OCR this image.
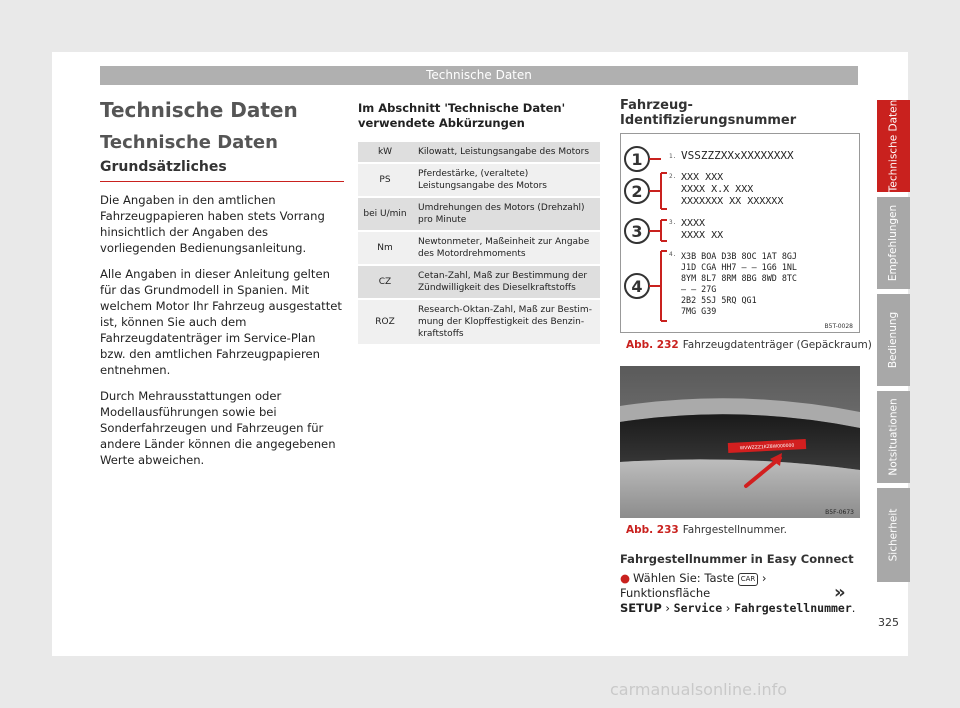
Technische Daten
Technische Daten
Technische Daten
Grundsätzliches

Die Angaben in den amtlichen Fahrzeugpapieren haben stets Vorrang hinsichtlich der Angaben des vorliegenden Bedienungsanleitung.

Alle Angaben in dieser Anleitung gelten für das Grundmodell in Spanien. Mit welchem Motor Ihr Fahrzeug ausgestattet ist, können Sie auch dem Fahrzeugdatenträger im Service-Plan bzw. den amtlichen Fahrzeugpapieren entnehmen.

Durch Mehrausstattungen oder Modellausführungen sowie bei Sonderfahrzeugen und Fahrzeugen für andere Länder können die angegebenen Werte abweichen.

Im Abschnitt 'Technische Daten' verwendete Abkürzungen
kW	Kilowatt, Leistungsangabe des Motors
PS	Pferdestärke, (veraltete) Leistungsangabe des Motors
bei U/min	Umdrehungen des Motors (Drehzahl) pro Minute
Nm	Newtonmeter, Maßeinheit zur Angabe des Motordrehmoments
CZ	Cetan-Zahl, Maß zur Bestimmung der Zündwilligkeit des Dieselkraftstoffs
ROZ	Research-Oktan-Zahl, Maß zur Bestimmung der Klopffestigkeit des Benzinkraftstoffs
Fahrzeug-Identifizierungsnummer
1
2
3
4
1.
2.
3.
4.
VSSZZZXXxXXXXXXXX
XXX XXX
XXXX X.X XXX
XXXXXXX XX XXXXXX
XXXX
XXXX XX
X3B BOA D3B 8OC 1AT 8GJ
J1D CGA HH7 – – 1G6 1NL
8YM 8L7 8RM 8BG 8WD 8TC
– – 27G
2B2 5SJ 5RQ QG1
7MG G39
B5T-0028
Abb. 232 Fahrzeugdatenträger (Gepäckraum)
WVWZZZ1KZ8W000000
B5F-0673
Abb. 233 Fahrgestellnummer.
Fahrgestellnummer in Easy Connect
● Wählen Sie: Taste CAR › Funktionsfläche
SETUP › Service › Fahrgestellnummer.
»
325
Technische Daten
Empfehlungen
Bedienung
Notsituationen
Sicherheit
carmanualsonline.info
